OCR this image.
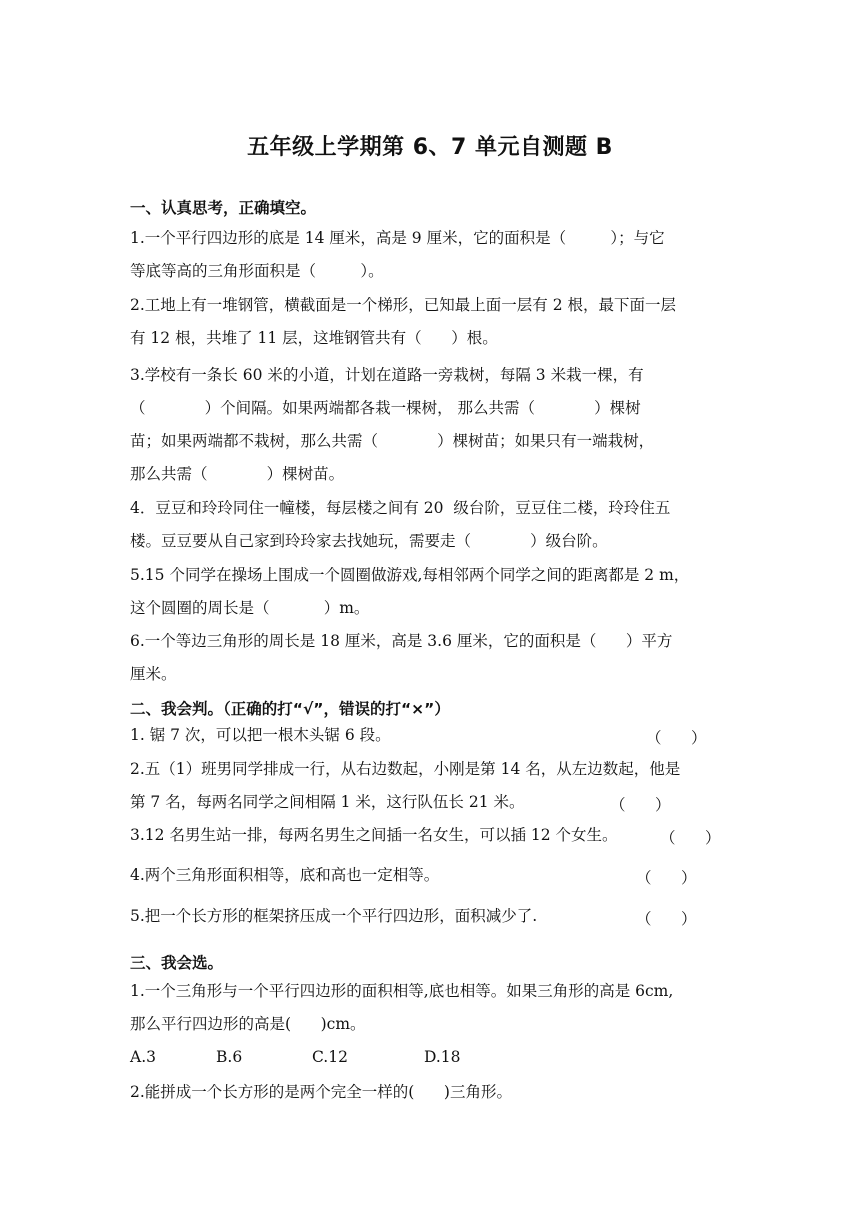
五年级上学期第 6、7 单元自测题 B
一、认真思考，正确填空。
1.一个平行四边形的底是 14 厘米，高是 9 厘米，它的面积是（         ）；与它
等底等高的三角形面积是（         ）。
2.工地上有一堆钢管，横截面是一个梯形，已知最上面一层有 2 根，最下面一层
有 12 根，共堆了 11 层，这堆钢管共有（      ）根。
3.学校有一条长 60 米的小道，计划在道路一旁栽树，每隔 3 米栽一棵，有
（            ）个间隔。如果两端都各栽一棵树， 那么共需（            ）棵树
苗；如果两端都不栽树，那么共需（            ）棵树苗；如果只有一端栽树，
那么共需（            ）棵树苗。
4．豆豆和玲玲同住一幢楼，每层楼之间有 20  级台阶，豆豆住二楼，玲玲住五
楼。豆豆要从自己家到玲玲家去找她玩，需要走（            ）级台阶。
5.15 个同学在操场上围成一个圆圈做游戏,每相邻两个同学之间的距离都是 2 m，
这个圆圈的周长是（           ）m。
6.一个等边三角形的周长是 18 厘米，高是 3.6 厘米，它的面积是（      ）平方
厘米。
二、我会判。（正确的打“√”，错误的打“×”）
1. 锯 7 次，可以把一根木头锯 6 段。	（      ）
2.五（1）班男同学排成一行，从右边数起，小刚是第 14 名，从左边数起，他是
第 7 名，每两名同学之间相隔 1 米，这行队伍长 21 米。	（      ）
3.12 名男生站一排，每两名男生之间插一名女生，可以插 12 个女生。	（      ）
4.两个三角形面积相等，底和高也一定相等。	（      ）
5.把一个长方形的框架挤压成一个平行四边形，面积减少了.	（      ）
三、我会选。
1.一个三角形与一个平行四边形的面积相等,底也相等。如果三角形的高是 6cm,
那么平行四边形的高是(      )cm。
A.3	B.6	C.12	D.18
2.能拼成一个长方形的是两个完全一样的(      )三角形。
